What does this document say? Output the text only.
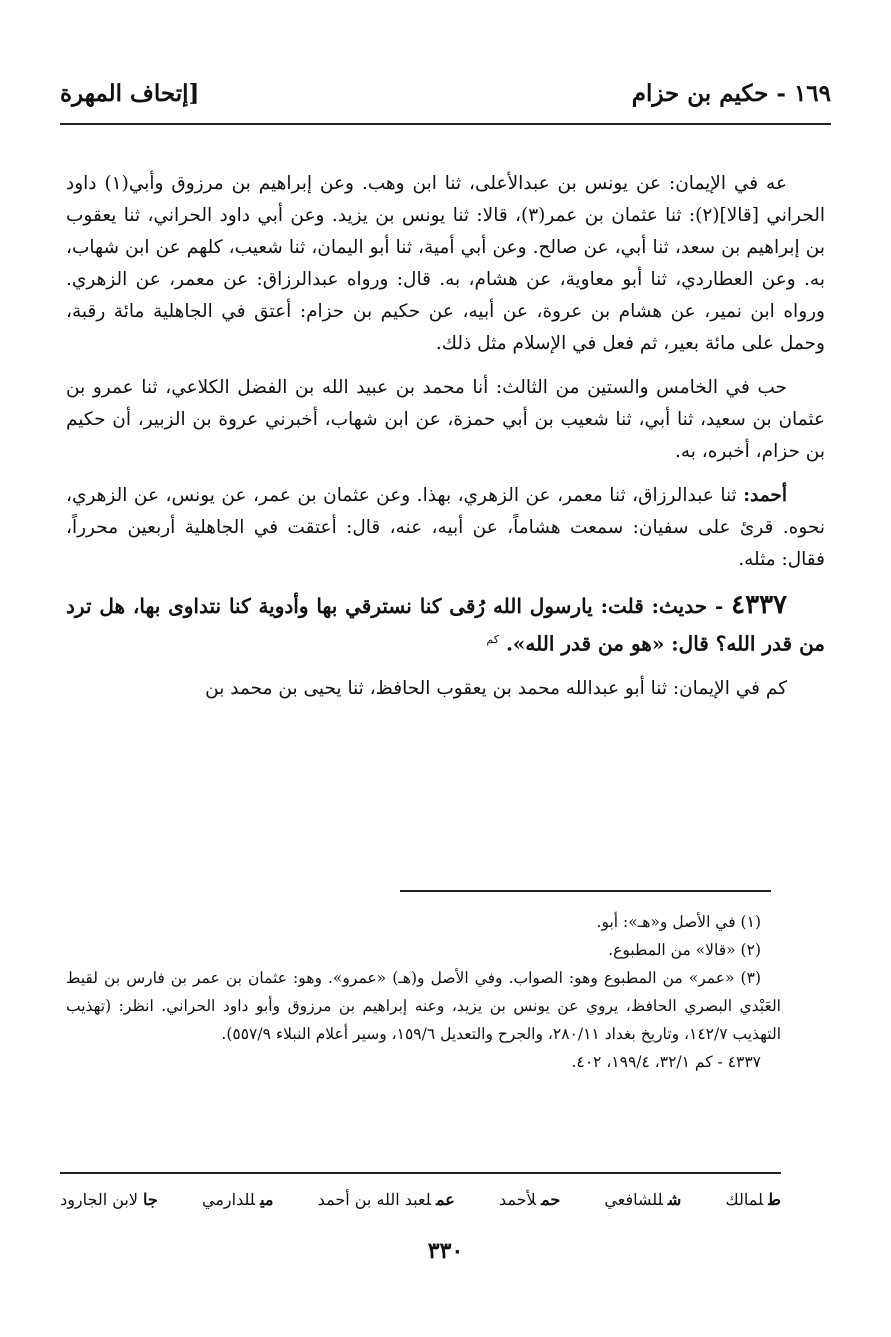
١٦٩ - حكيم بن حزام
[إتحاف المهرة

عه في الإيمان: عن يونس بن عبدالأعلى، ثنا ابن وهب. وعن إبراهيم بن مرزوق وأبي(١) داود الحراني [قالا](٢): ثنا عثمان بن عمر(٣)، قالا: ثنا يونس بن يزيد. وعن أبي داود الحراني، ثنا يعقوب بن إبراهيم بن سعد، ثنا أبي، عن صالح. وعن أبي أمية، ثنا أبو اليمان، ثنا شعيب، كلهم عن ابن شهاب، به. وعن العطاردي، ثنا أبو معاوية، عن هشام، به. قال: ورواه عبدالرزاق: عن معمر، عن الزهري. ورواه ابن نمير، عن هشام بن عروة، عن أبيه، عن حكيم بن حزام: أعتق في الجاهلية مائة رقبة، وحمل على مائة بعير، ثم فعل في الإسلام مثل ذلك.

حب في الخامس والستين من الثالث: أنا محمد بن عبيد الله بن الفضل الكلاعي، ثنا عمرو بن عثمان بن سعيد، ثنا أبي، ثنا شعيب بن أبي حمزة، عن ابن شهاب، أخبرني عروة بن الزبير، أن حكيم بن حزام، أخبره، به.

أحمد: ثنا عبدالرزاق، ثنا معمر، عن الزهري، بهذا. وعن عثمان بن عمر، عن يونس، عن الزهري، نحوه. قرئ على سفيان: سمعت هشاماً، عن أبيه، عنه، قال: أعتقت في الجاهلية أربعين محرراً، فقال: مثله.

٤٣٣٧ - حديث: قلت: يارسول الله رُقى كنا نسترقي بها وأدوية كنا نتداوى بها، هل ترد من قدر الله؟ قال: «هو من قدر الله». $^{كم}$

كم في الإيمان: ثنا أبو عبدالله محمد بن يعقوب الحافظ، ثنا يحيى بن محمد بن

(١) في الأصل و«هـ»: أبو.

(٢) «قالا» من المطبوع.

(٣) «عمر» من المطبوع وهو: الصواب. وفي الأصل و(هـ) «عمرو». وهو: عثمان بن عمر بن فارس بن لقيط العَبْدي البصري الحافظ، يروي عن يونس بن يزيد، وعنه إبراهيم بن مرزوق وأبو داود الحراني. انظر: (تهذيب التهذيب ١٤٢/٧، وتاريخ بغداد ٢٨٠/١١، والجرح والتعديل ١٥٩/٦، وسير أعلام النبلاء ٥٥٧/٩).

٤٣٣٧ - كم ٣٢/١، ١٩٩/٤، ٤٠٢.

طلمالك
شللشافعي
حملأحمد
عملعبد الله بن أحمد
ميللدارمي
جالابن الجارود
٣٣٠
